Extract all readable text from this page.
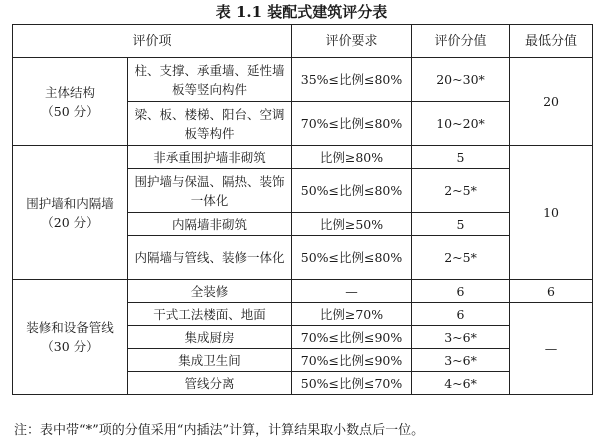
表 1.1 装配式建筑评分表
评价项		评价要求	评价分值	最低分值

主体结构
（50 分）	柱、支撑、承重墙、延性墙板等竖向构件	35%≤比例≤80%	20~30*	20
	梁、板、楼梯、阳台、空调板等构件	70%≤比例≤80%	10~20*	

围护墙和内隔墙
（20 分）	非承重围护墙非砌筑	比例≥80%	5	10
	围护墙与保温、隔热、装饰一体化	50%≤比例≤80%	2~5*	
	内隔墙非砌筑	比例≥50%	5	
	内隔墙与管线、装修一体化	50%≤比例≤80%	2~5*	

装修和设备管线
（30 分）	全装修	—	6	6
	干式工法楼面、地面	比例≥70%	6	—
	集成厨房	70%≤比例≤90%	3~6*	
	集成卫生间	70%≤比例≤90%	3~6*	
	管线分离	50%≤比例≤70%	4~6*	
注：表中带“*”项的分值采用“内插法”计算，计算结果取小数点后一位。
